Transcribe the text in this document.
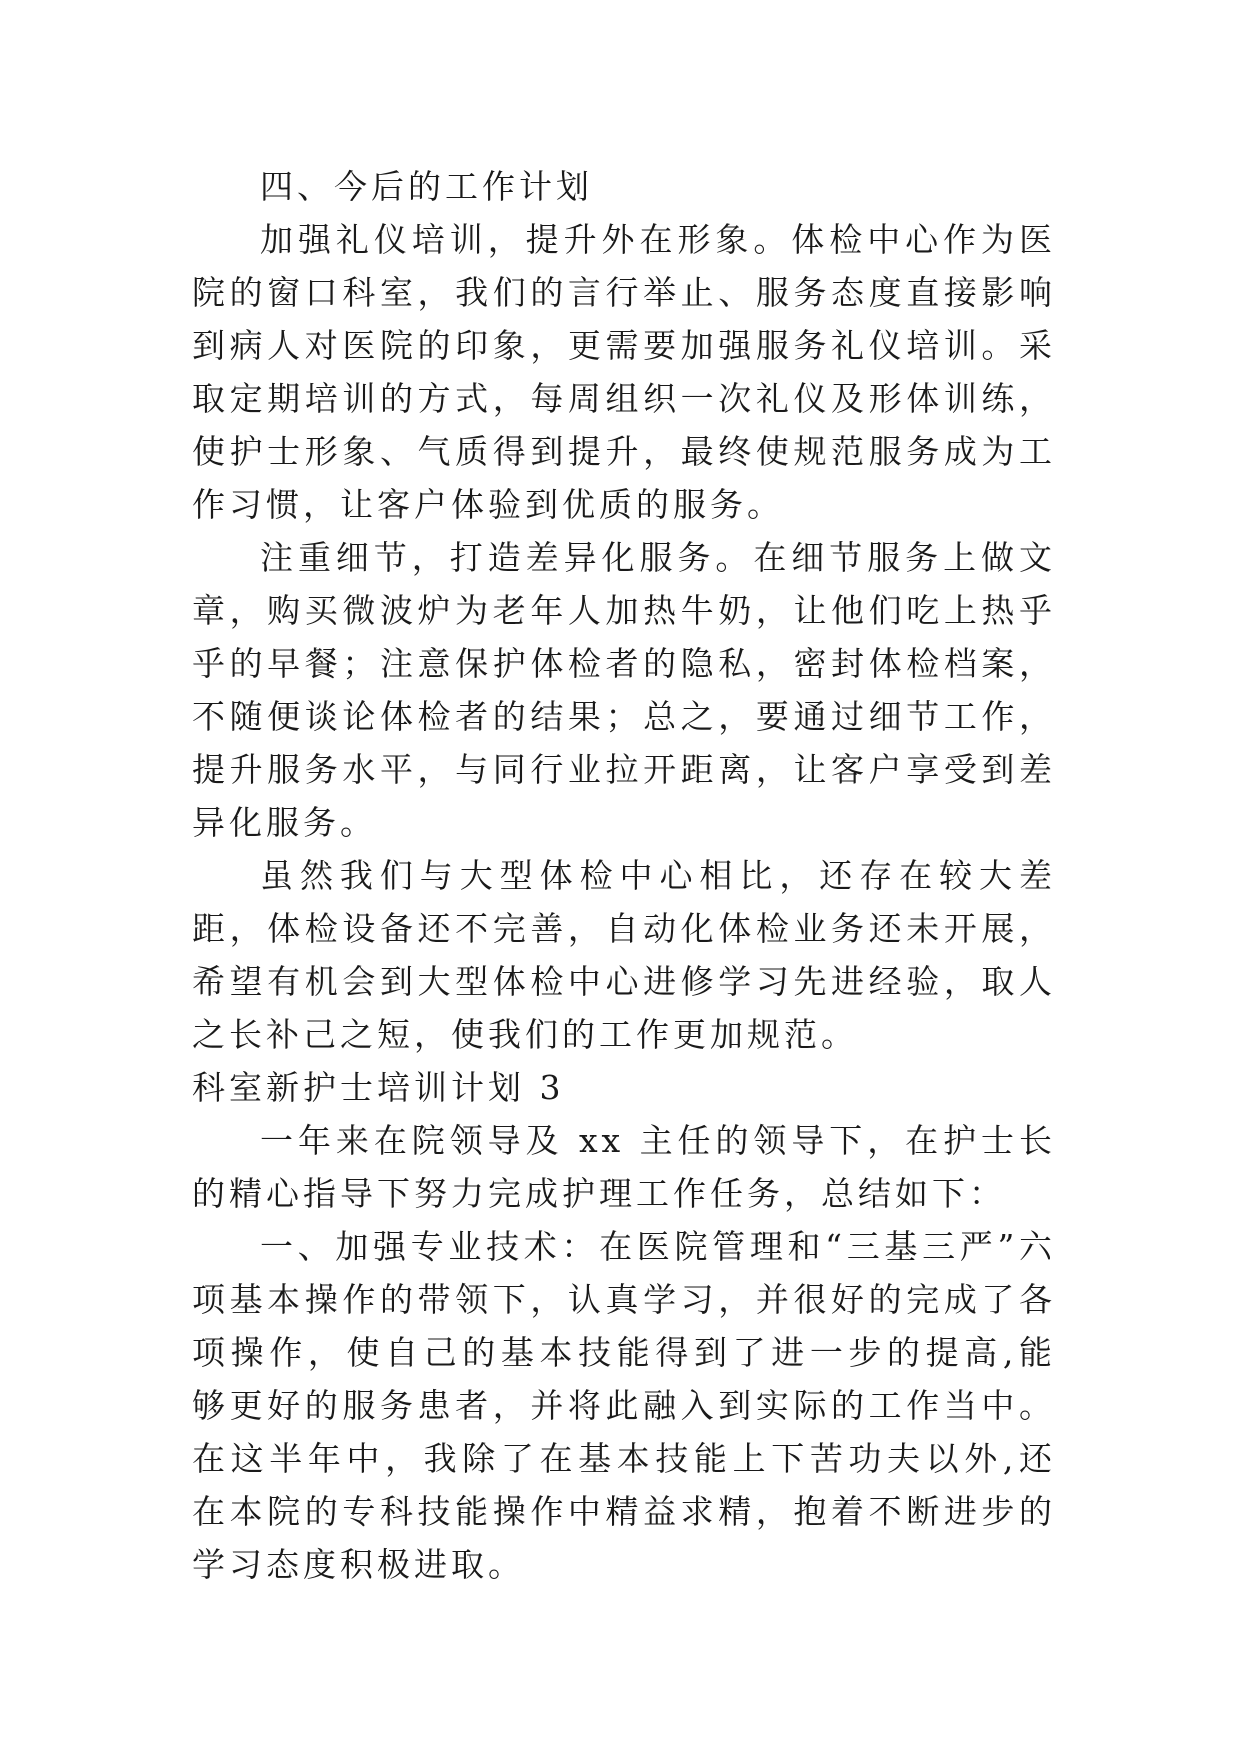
四、今后的工作计划

加强礼仪培训，提升外在形象。体检中心作为医院的窗口科室，我们的言行举止、服务态度直接影响到病人对医院的印象，更需要加强服务礼仪培训。采取定期培训的方式，每周组织一次礼仪及形体训练，使护士形象、气质得到提升，最终使规范服务成为工作习惯，让客户体验到优质的服务。

注重细节，打造差异化服务。在细节服务上做文章，购买微波炉为老年人加热牛奶，让他们吃上热乎乎的早餐；注意保护体检者的隐私，密封体检档案，不随便谈论体检者的结果；总之，要通过细节工作，提升服务水平，与同行业拉开距离，让客户享受到差异化服务。

虽然我们与大型体检中心相比，还存在较大差距，体检设备还不完善，自动化体检业务还未开展，希望有机会到大型体检中心进修学习先进经验，取人之长补己之短，使我们的工作更加规范。

科室新护士培训计划 3

一年来在院领导及 xx 主任的领导下，在护士长的精心指导下努力完成护理工作任务，总结如下：

一、加强专业技术：在医院管理和“三基三严”六项基本操作的带领下，认真学习，并很好的完成了各项操作，使自己的基本技能得到了进一步的提高,能够更好的服务患者，并将此融入到实际的工作当中。在这半年中，我除了在基本技能上下苦功夫以外,还在本院的专科技能操作中精益求精，抱着不断进步的学习态度积极进取。
